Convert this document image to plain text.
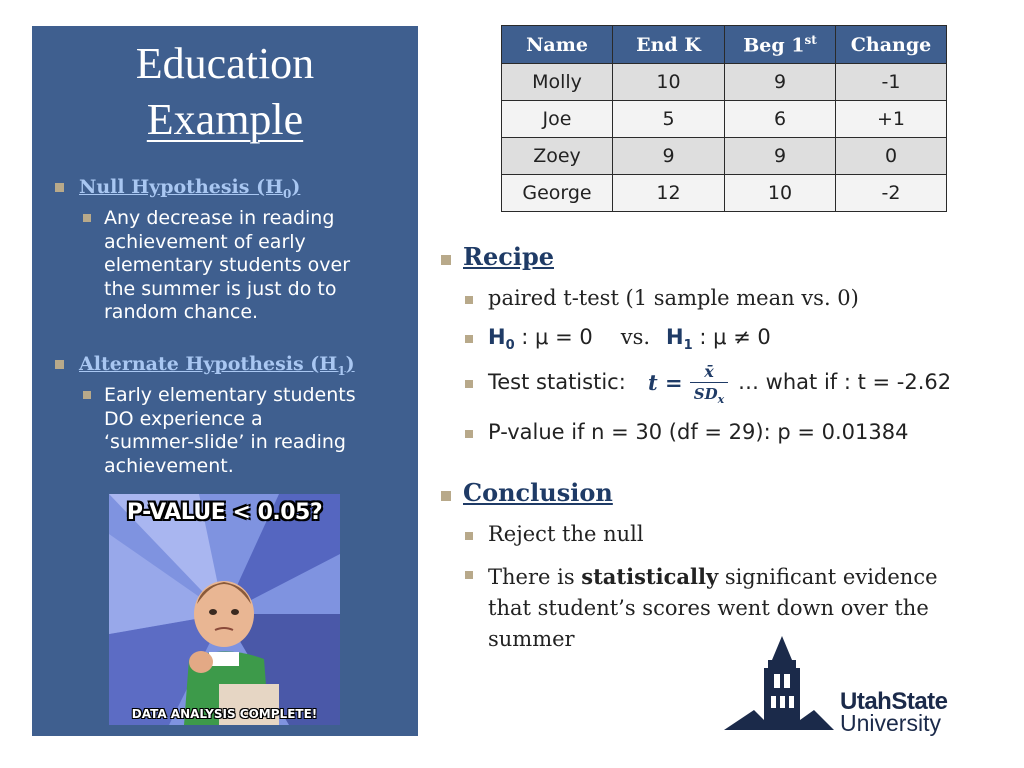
Education
Example
Null Hypothesis $(H_0)$
Any decrease in reading
achievement of early
elementary students over
the summer is just do to
random chance.
Alternate Hypothesis $(H_1)$
Early elementary students
DO experience a
‘summer-slide’ in reading
achievement.
P-VALUE < 0.05?
DATA ANALYSIS COMPLETE!
Name	End K	Beg 1st	Change
Molly	10	9	-1
Joe	5	6	+1
Zoey	9	9	0
George	12	10	-2
Recipe
paired t-test (1 sample mean vs. 0)
$H_0$ : μ = 0 vs. $H_1$ : μ ≠ 0
Test statistic: t =	x̄
$SD_x$
… what if : t = -2.62
P-value if n = 30 (df = 29): p = 0.01384
Conclusion
Reject the null
There is statistically significant evidence
that student’s scores went down over the
summer
UtahState
University
